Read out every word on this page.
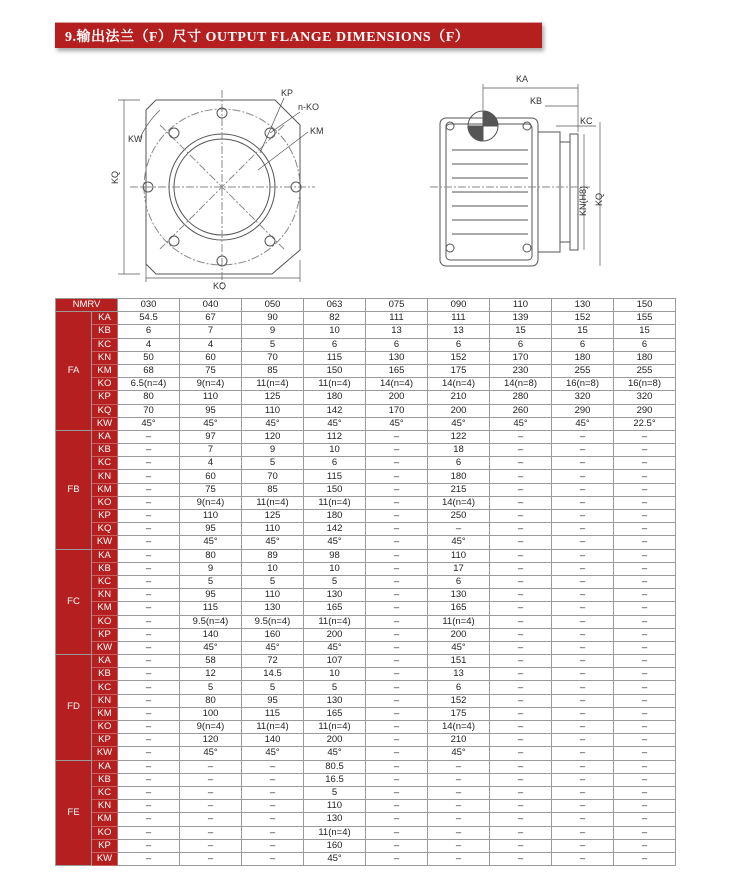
9.输出法兰（F）尺寸 OUTPUT FLANGE DIMENSIONS（F）
KP
n-KO
KM
KW
KQ
KQ
KA
KB
KC
KN(H8) KQ
NMRV		030	040	050	063	075	090	110	130	150
FA	KA	54.5	67	90	82	111	111	139	152	155
	KB	6	7	9	10	13	13	15	15	15
	KC	4	4	5	6	6	6	6	6	6
	KN	50	60	70	115	130	152	170	180	180
	KM	68	75	85	150	165	175	230	255	255
	KO	6.5(n=4)	9(n=4)	11(n=4)	11(n=4)	14(n=4)	14(n=4)	14(n=8)	16(n=8)	16(n=8)
	KP	80	110	125	180	200	210	280	320	320
	KQ	70	95	110	142	170	200	260	290	290
	KW	45°	45°	45°	45°	45°	45°	45°	45°	22.5°
FB	KA	–	97	120	112	–	122	–	–	–
	KB	–	7	9	10	–	18	–	–	–
	KC	–	4	5	6	–	6	–	–	–
	KN	–	60	70	115	–	180	–	–	–
	KM	–	75	85	150	–	215	–	–	–
	KO	–	9(n=4)	11(n=4)	11(n=4)	–	14(n=4)	–	–	–
	KP	–	110	125	180	–	250	–	–	–
	KQ	–	95	110	142	–	–	–	–	–
	KW	–	45°	45°	45°	–	45°	–	–	–
FC	KA	–	80	89	98	–	110	–	–	–
	KB	–	9	10	10	–	17	–	–	–
	KC	–	5	5	5	–	6	–	–	–
	KN	–	95	110	130	–	130	–	–	–
	KM	–	115	130	165	–	165	–	–	–
	KO	–	9.5(n=4)	9.5(n=4)	11(n=4)	–	11(n=4)	–	–	–
	KP	–	140	160	200	–	200	–	–	–
	KW	–	45°	45°	45°	–	45°	–	–	–
FD	KA	–	58	72	107	–	151	–	–	–
	KB	–	12	14.5	10	–	13	–	–	–
	KC	–	5	5	5	–	6	–	–	–
	KN	–	80	95	130	–	152	–	–	–
	KM	–	100	115	165	–	175	–	–	–
	KO	–	9(n=4)	11(n=4)	11(n=4)	–	14(n=4)	–	–	–
	KP	–	120	140	200	–	210	–	–	–
	KW	–	45°	45°	45°	–	45°	–	–	–
FE	KA	–	–	–	80.5	–	–	–	–	–
	KB	–	–	–	16.5	–	–	–	–	–
	KC	–	–	–	5	–	–	–	–	–
	KN	–	–	–	110	–	–	–	–	–
	KM	–	–	–	130	–	–	–	–	–
	KO	–	–	–	11(n=4)	–	–	–	–	–
	KP	–	–	–	160	–	–	–	–	–
	KW	–	–	–	45°	–	–	–	–	–
